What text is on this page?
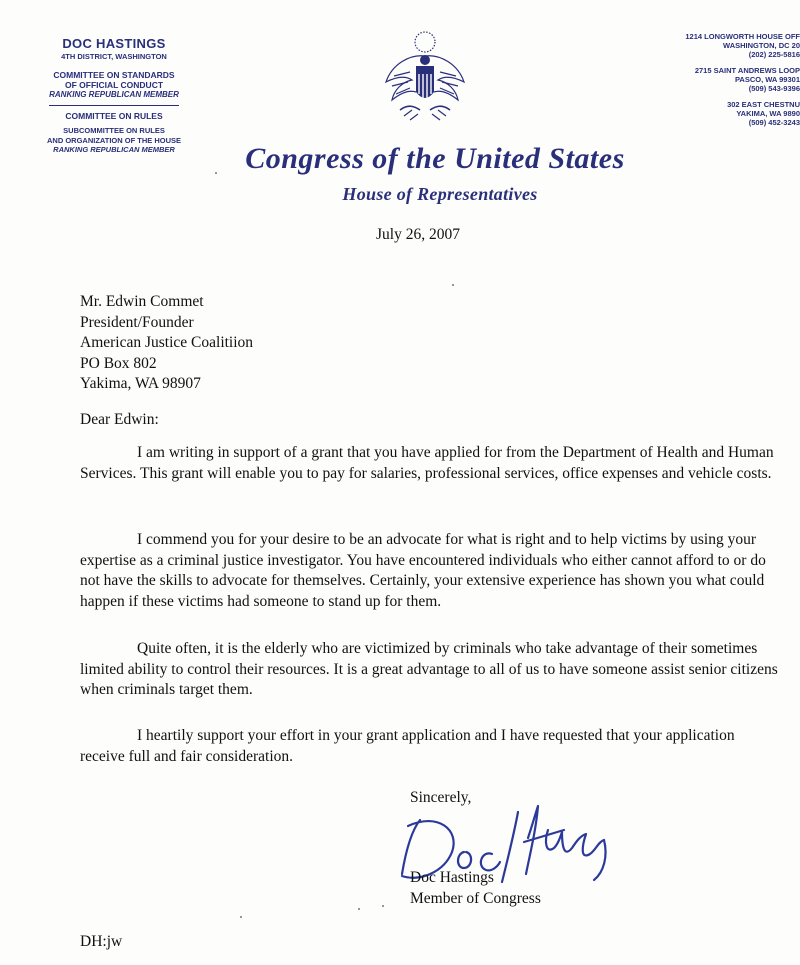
DOC HASTINGS
4TH DISTRICT, WASHINGTON
COMMITTEE ON STANDARDS
OF OFFICIAL CONDUCT
RANKING REPUBLICAN MEMBER
COMMITTEE ON RULES
SUBCOMMITTEE ON RULES
AND ORGANIZATION OF THE HOUSE
RANKING REPUBLICAN MEMBER
1214 LONGWORTH HOUSE OFF
WASHINGTON, DC 20
(202) 225-5816
2715 SAINT ANDREWS LOOP
PASCO, WA 99301
(509) 543-9396
302 EAST CHESTNU
YAKIMA, WA 9890
(509) 452-3243
Congress of the United States
House of Representatives
July 26, 2007
Mr. Edwin Commet
President/Founder
American Justice Coalitiion
PO Box 802
Yakima, WA 98907
Dear Edwin:

I am writing in support of a grant that you have applied for from the Department of Health and Human Services. This grant will enable you to pay for salaries, professional services, office expenses and vehicle costs.

I commend you for your desire to be an advocate for what is right and to help victims by using your expertise as a criminal justice investigator. You have encountered individuals who either cannot afford to or do not have the skills to advocate for themselves. Certainly, your extensive experience has shown you what could happen if these victims had someone to stand up for them.

Quite often, it is the elderly who are victimized by criminals who take advantage of their sometimes limited ability to control their resources. It is a great advantage to all of us to have someone assist senior citizens when criminals target them.

I heartily support your effort in your grant application and I have requested that your application receive full and fair consideration.

Sincerely,
Doc Hastings
Member of Congress
DH:jw
